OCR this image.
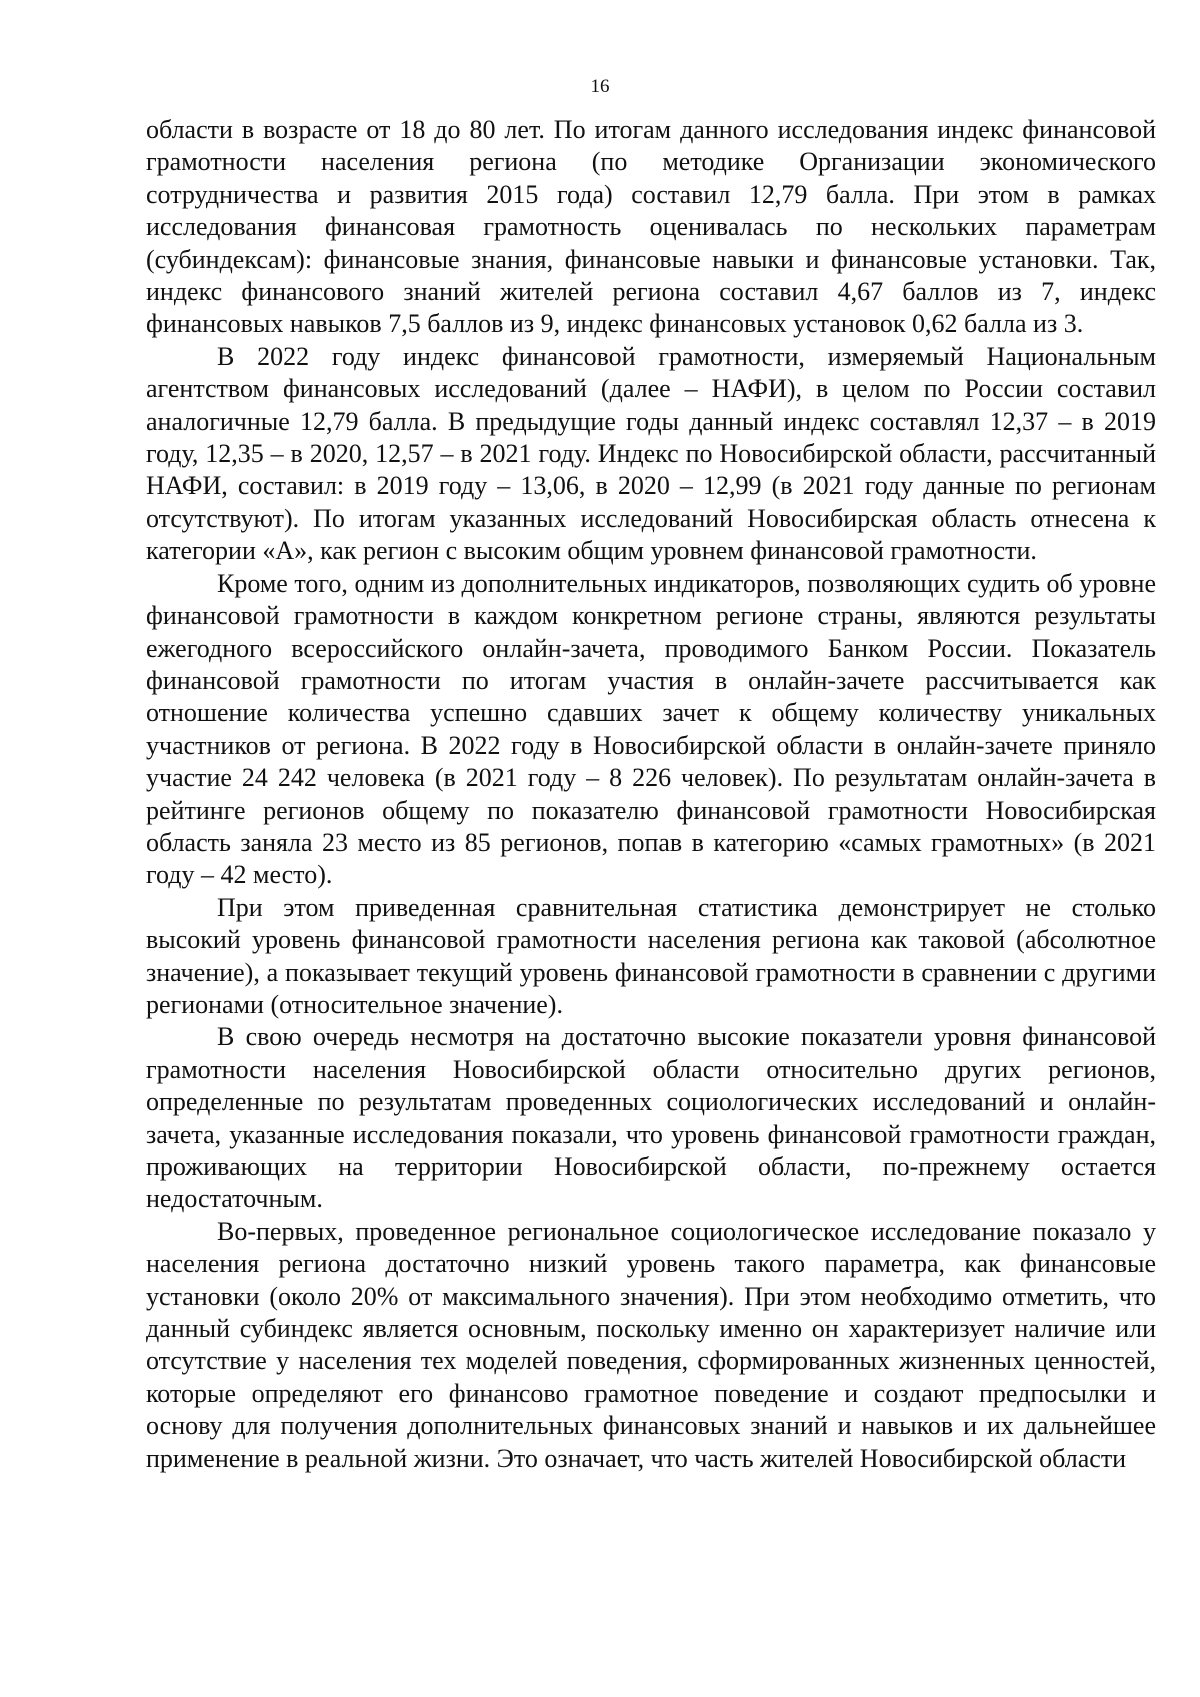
16

области в возрасте от 18 до 80 лет. По итогам данного исследования индекс финансовой грамотности населения региона (по методике Организации экономического сотрудничества и развития 2015 года) составил 12,79 балла. При этом в рамках исследования финансовая грамотность оценивалась по нескольких параметрам (субиндексам): финансовые знания, финансовые навыки и финансовые установки. Так, индекс финансового знаний жителей региона составил 4,67 баллов из 7, индекс финансовых навыков 7,5 баллов из 9, индекс финансовых установок 0,62 балла из 3.

В 2022 году индекс финансовой грамотности, измеряемый Национальным агентством финансовых исследований (далее – НАФИ), в целом по России составил аналогичные 12,79 балла. В предыдущие годы данный индекс составлял 12,37 – в 2019 году, 12,35 – в 2020, 12,57 – в 2021 году. Индекс по Новосибирской области, рассчитанный НАФИ, составил: в 2019 году – 13,06, в 2020 – 12,99 (в 2021 году данные по регионам отсутствуют). По итогам указанных исследований Новосибирская область отнесена к категории «А», как регион с высоким общим уровнем финансовой грамотности.

Кроме того, одним из дополнительных индикаторов, позволяющих судить об уровне финансовой грамотности в каждом конкретном регионе страны, являются результаты ежегодного всероссийского онлайн-зачета, проводимого Банком России. Показатель финансовой грамотности по итогам участия в онлайн-зачете рассчитывается как отношение количества успешно сдавших зачет к общему количеству уникальных участников от региона. В 2022 году в Новосибирской области в онлайн-зачете приняло участие 24 242 человека (в 2021 году – 8 226 человек). По результатам онлайн-зачета в рейтинге регионов общему по показателю финансовой грамотности Новосибирская область заняла 23 место из 85 регионов, попав в категорию «самых грамотных» (в 2021 году – 42 место).

При этом приведенная сравнительная статистика демонстрирует не столько высокий уровень финансовой грамотности населения региона как таковой (абсолютное значение), а показывает текущий уровень финансовой грамотности в сравнении с другими регионами (относительное значение).

В свою очередь несмотря на достаточно высокие показатели уровня финансовой грамотности населения Новосибирской области относительно других регионов, определенные по результатам проведенных социологических исследований и онлайн-зачета, указанные исследования показали, что уровень финансовой грамотности граждан, проживающих на территории Новосибирской области, по-прежнему остается недостаточным.

Во-первых, проведенное региональное социологическое исследование показало у населения региона достаточно низкий уровень такого параметра, как финансовые установки (около 20% от максимального значения). При этом необходимо отметить, что данный субиндекс является основным, поскольку именно он характеризует наличие или отсутствие у населения тех моделей поведения, сформированных жизненных ценностей, которые определяют его финансово грамотное поведение и создают предпосылки и основу для получения дополнительных финансовых знаний и навыков и их дальнейшее применение в реальной жизни. Это означает, что часть жителей Новосибирской области
